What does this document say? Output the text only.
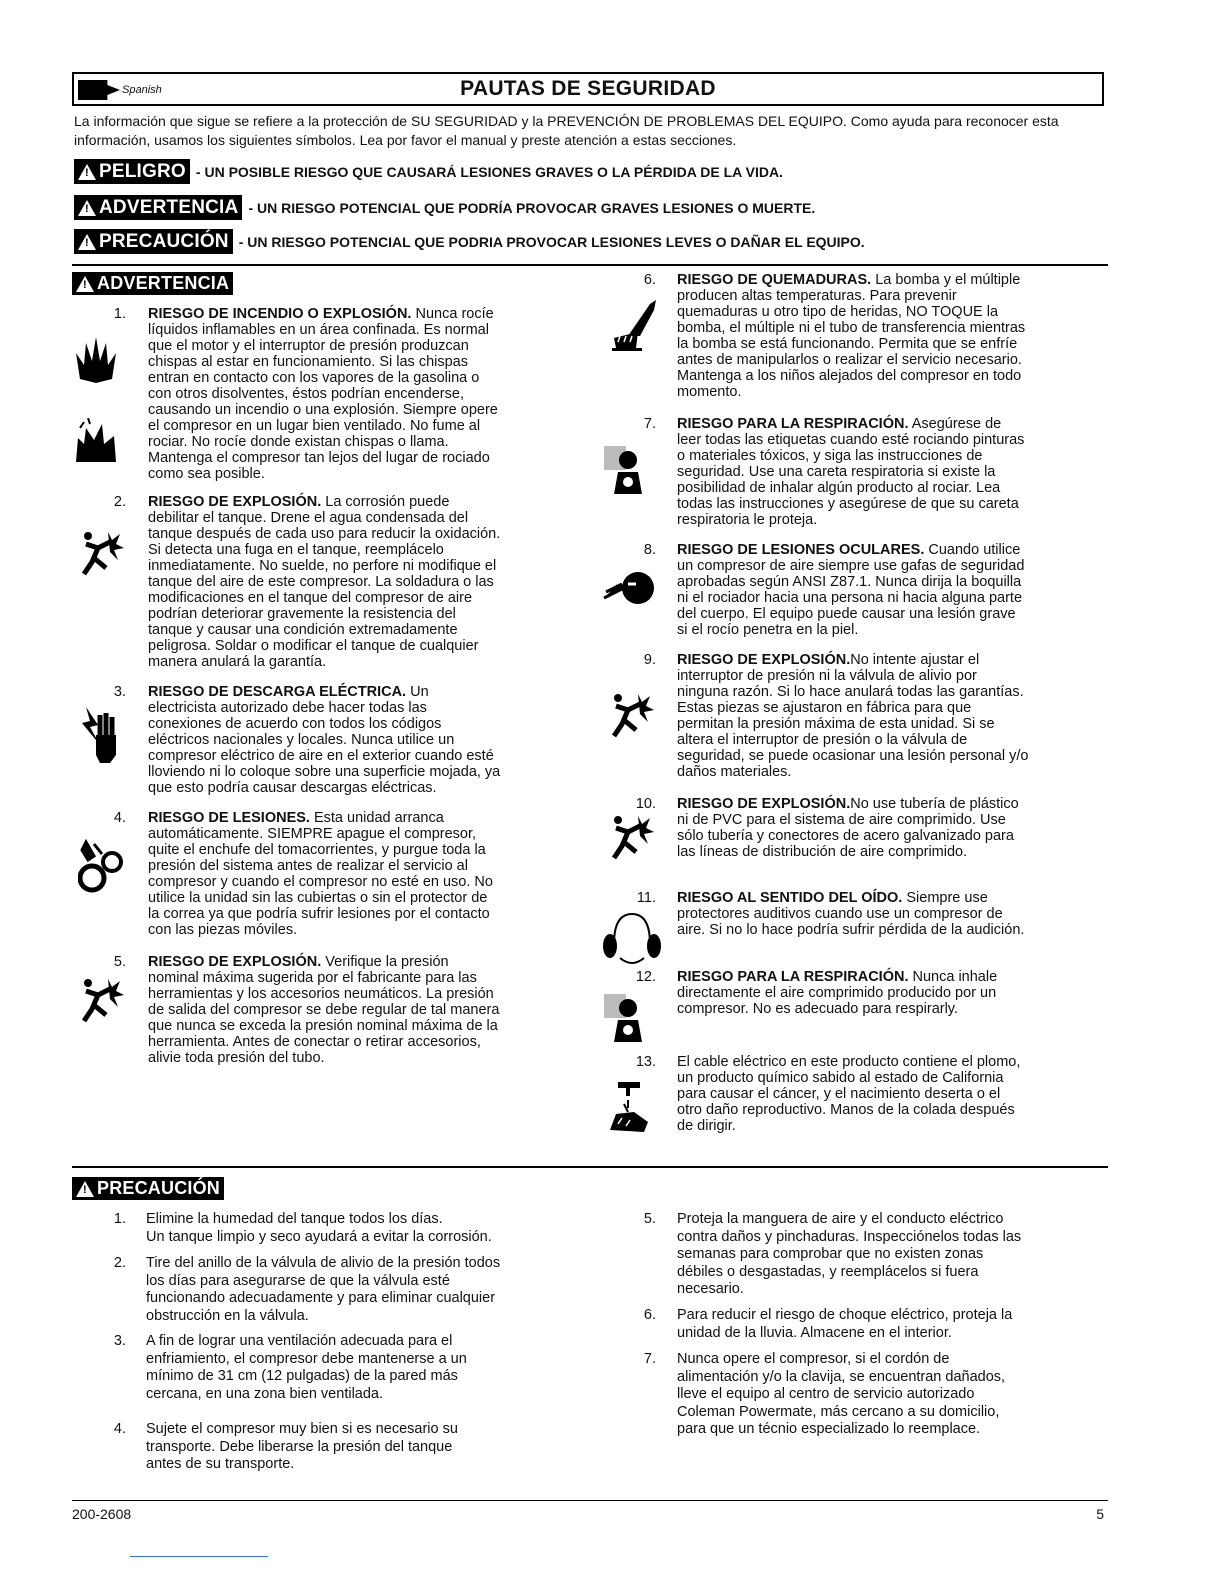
Spanish	PAUTAS DE SEGURIDAD
La información que sigue se refiere a la protección de SU SEGURIDAD y la PREVENCIÓN DE PROBLEMAS DEL EQUIPO. Como ayuda para reconocer esta información, usamos los siguientes símbolos. Lea por favor el manual y preste atención a estas secciones.
!
PELIGRO - UN POSIBLE RIESGO QUE CAUSARÁ LESIONES GRAVES O LA PÉRDIDA DE LA VIDA.
!
ADVERTENCIA - UN RIESGO POTENCIAL QUE PODRÍA PROVOCAR GRAVES LESIONES O MUERTE.
!
PRECAUCIÓN - UN RIESGO POTENCIAL QUE PODRIA PROVOCAR LESIONES LEVES O DAÑAR EL EQUIPO.
!
ADVERTENCIA
1. RIESGO DE INCENDIO O EXPLOSIÓN. Nunca rocíe
líquidos inflamables en un área confinada. Es normal
que el motor y el interruptor de presión produzcan
chispas al estar en funcionamiento. Si las chispas
entran en contacto con los vapores de la gasolina o
con otros disolventes, éstos podrían encenderse,
causando un incendio o una explosión. Siempre opere
el compresor en un lugar bien ventilado. No fume al
rociar. No rocíe donde existan chispas o llama.
Mantenga el compresor tan lejos del lugar de rociado
como sea posible.
2. RIESGO DE EXPLOSIÓN. La corrosión puede
debilitar el tanque. Drene el agua condensada del
tanque después de cada uso para reducir la oxidación.
Si detecta una fuga en el tanque, reemplácelo
inmediatamente. No suelde, no perfore ni modifique el
tanque del aire de este compresor. La soldadura o las
modificaciones en el tanque del compresor de aire
podrían deteriorar gravemente la resistencia del
tanque y causar una condición extremadamente
peligrosa. Soldar o modificar el tanque de cualquier
manera anulará la garantía.
3. RIESGO DE DESCARGA ELÉCTRICA. Un
electricista autorizado debe hacer todas las
conexiones de acuerdo con todos los códigos
eléctricos nacionales y locales. Nunca utilice un
compresor eléctrico de aire en el exterior cuando esté
lloviendo ni lo coloque sobre una superficie mojada, ya
que esto podría causar descargas eléctricas.
4. RIESGO DE LESIONES. Esta unidad arranca
automáticamente. SIEMPRE apague el compresor,
quite el enchufe del tomacorrientes, y purgue toda la
presión del sistema antes de realizar el servicio al
compresor y cuando el compresor no esté en uso. No
utilice la unidad sin las cubiertas o sin el protector de
la correa ya que podría sufrir lesiones por el contacto
con las piezas móviles.
5. RIESGO DE EXPLOSIÓN. Verifique la presión
nominal máxima sugerida por el fabricante para las
herramientas y los accesorios neumáticos. La presión
de salida del compresor se debe regular de tal manera
que nunca se exceda la presión nominal máxima de la
herramienta. Antes de conectar o retirar accesorios,
alivie toda presión del tubo.
6. RIESGO DE QUEMADURAS. La bomba y el múltiple
producen altas temperaturas. Para prevenir
quemaduras u otro tipo de heridas, NO TOQUE la
bomba, el múltiple ni el tubo de transferencia mientras
la bomba se está funcionando. Permita que se enfríe
antes de manipularlos o realizar el servicio necesario.
Mantenga a los niños alejados del compresor en todo
momento.
7. RIESGO PARA LA RESPIRACIÓN. Asegúrese de
leer todas las etiquetas cuando esté rociando pinturas
o materiales tóxicos, y siga las instrucciones de
seguridad. Use una careta respiratoria si existe la
posibilidad de inhalar algún producto al rociar. Lea
todas las instrucciones y asegúrese de que su careta
respiratoria le proteja.
8. RIESGO DE LESIONES OCULARES. Cuando utilice
un compresor de aire siempre use gafas de seguridad
aprobadas según ANSI Z87.1. Nunca dirija la boquilla
ni el rociador hacia una persona ni hacia alguna parte
del cuerpo. El equipo puede causar una lesión grave
si el rocío penetra en la piel.
9. RIESGO DE EXPLOSIÓN.No intente ajustar el
interruptor de presión ni la válvula de alivio por
ninguna razón. Si lo hace anulará todas las garantías.
Estas piezas se ajustaron en fábrica para que
permitan la presión máxima de esta unidad. Si se
altera el interruptor de presión o la válvula de
seguridad, se puede ocasionar una lesión personal y/o
daños materiales.
10. RIESGO DE EXPLOSIÓN.No use tubería de plástico
ni de PVC para el sistema de aire comprimido. Use
sólo tubería y conectores de acero galvanizado para
las líneas de distribución de aire comprimido.
11. RIESGO AL SENTIDO DEL OÍDO. Siempre use
protectores auditivos cuando use un compresor de
aire. Si no lo hace podría sufrir pérdida de la audición.
12. RIESGO PARA LA RESPIRACIÓN. Nunca inhale
directamente el aire comprimido producido por un
compresor. No es adecuado para respirarly.
13. El cable eléctrico en este producto contiene el plomo,
un producto químico sabido al estado de California
para causar el cáncer, y el nacimiento deserta o el
otro daño reproductivo. Manos de la colada después
de dirigir.
!
PRECAUCIÓN
1. Elimine la humedad del tanque todos los días.
Un tanque limpio y seco ayudará a evitar la corrosión.
2. Tire del anillo de la válvula de alivio de la presión todos
los días para asegurarse de que la válvula esté
funcionando adecuadamente y para eliminar cualquier
obstrucción en la válvula.
3. A fin de lograr una ventilación adecuada para el
enfriamiento, el compresor debe mantenerse a un
mínimo de 31 cm (12 pulgadas) de la pared más
cercana, en una zona bien ventilada.
4. Sujete el compresor muy bien si es necesario su
transporte. Debe liberarse la presión del tanque
antes de su transporte.
5. Proteja la manguera de aire y el conducto eléctrico
contra daños y pinchaduras. Inspecciónelos todas las
semanas para comprobar que no existen zonas
débiles o desgastadas, y reemplácelos si fuera
necesario.
6. Para reducir el riesgo de choque eléctrico, proteja la
unidad de la lluvia. Almacene en el interior.
7. Nunca opere el compresor, si el cordón de
alimentación y/o la clavija, se encuentran dañados,
lleve el equipo al centro de servicio autorizado
Coleman Powermate, más cercano a su domicilio,
para que un técnio especializado lo reemplace.
200-2608	5
